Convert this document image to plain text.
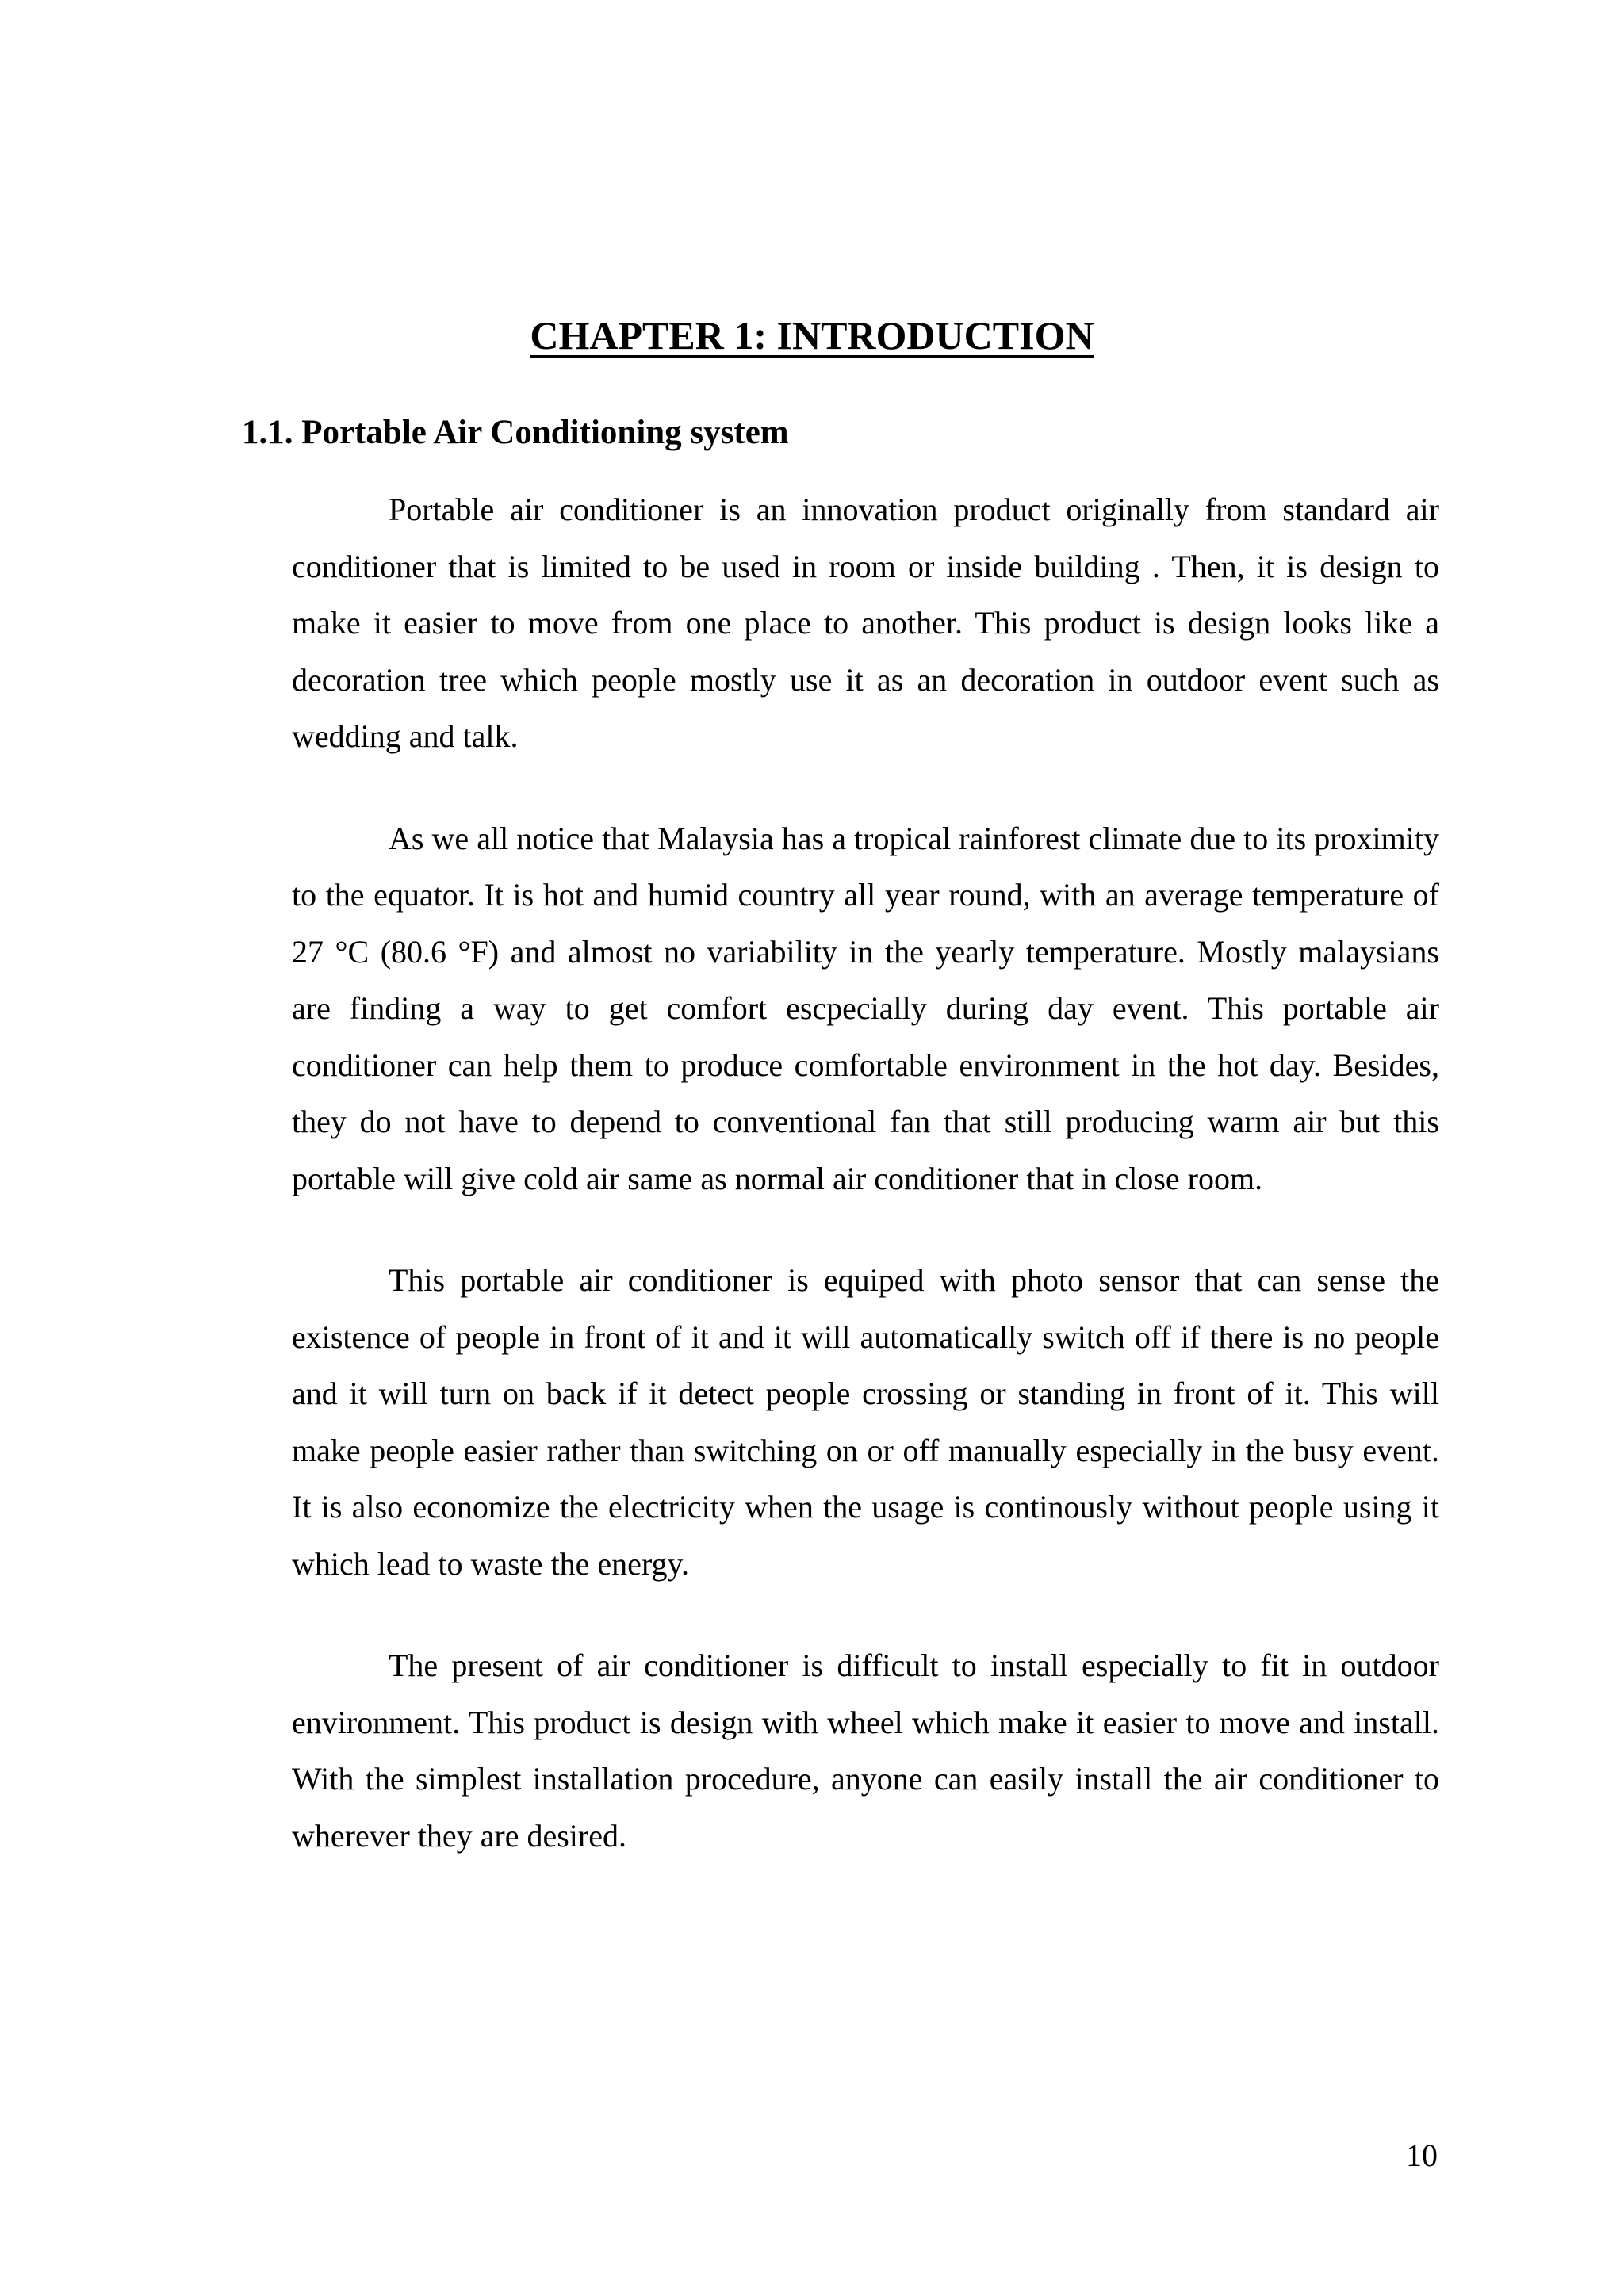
CHAPTER 1: INTRODUCTION
1.1. Portable Air Conditioning system

Portable air conditioner is an innovation product originally from standard air conditioner that is limited to be used in room or inside building . Then, it is design to make it easier to move from one place to another. This product is design looks like a decoration tree which people mostly use it as an decoration in outdoor event such as wedding and talk.

As we all notice that Malaysia has a tropical rainforest climate due to its proximity to the equator. It is hot and humid country all year round, with an average temperature of 27 °C (80.6 °F) and almost no variability in the yearly temperature. Mostly malaysians are finding a way to get comfort escpecially during day event. This portable air conditioner can help them to produce comfortable environment in the hot day. Besides, they do not have to depend to conventional fan that still producing warm air but this portable will give cold air same as normal air conditioner that in close room.

This portable air conditioner is equiped with photo sensor that can sense the existence of people in front of it and it will automatically switch off if there is no people and it will turn on back if it detect people crossing or standing in front of it. This will make people easier rather than switching on or off manually especially in the busy event. It is also economize the electricity when the usage is continously without people using it which lead to waste the energy.

The present of air conditioner is difficult to install especially to fit in outdoor environment. This product is design with wheel which make it easier to move and install. With the simplest installation procedure, anyone can easily install the air conditioner to wherever they are desired.

10
